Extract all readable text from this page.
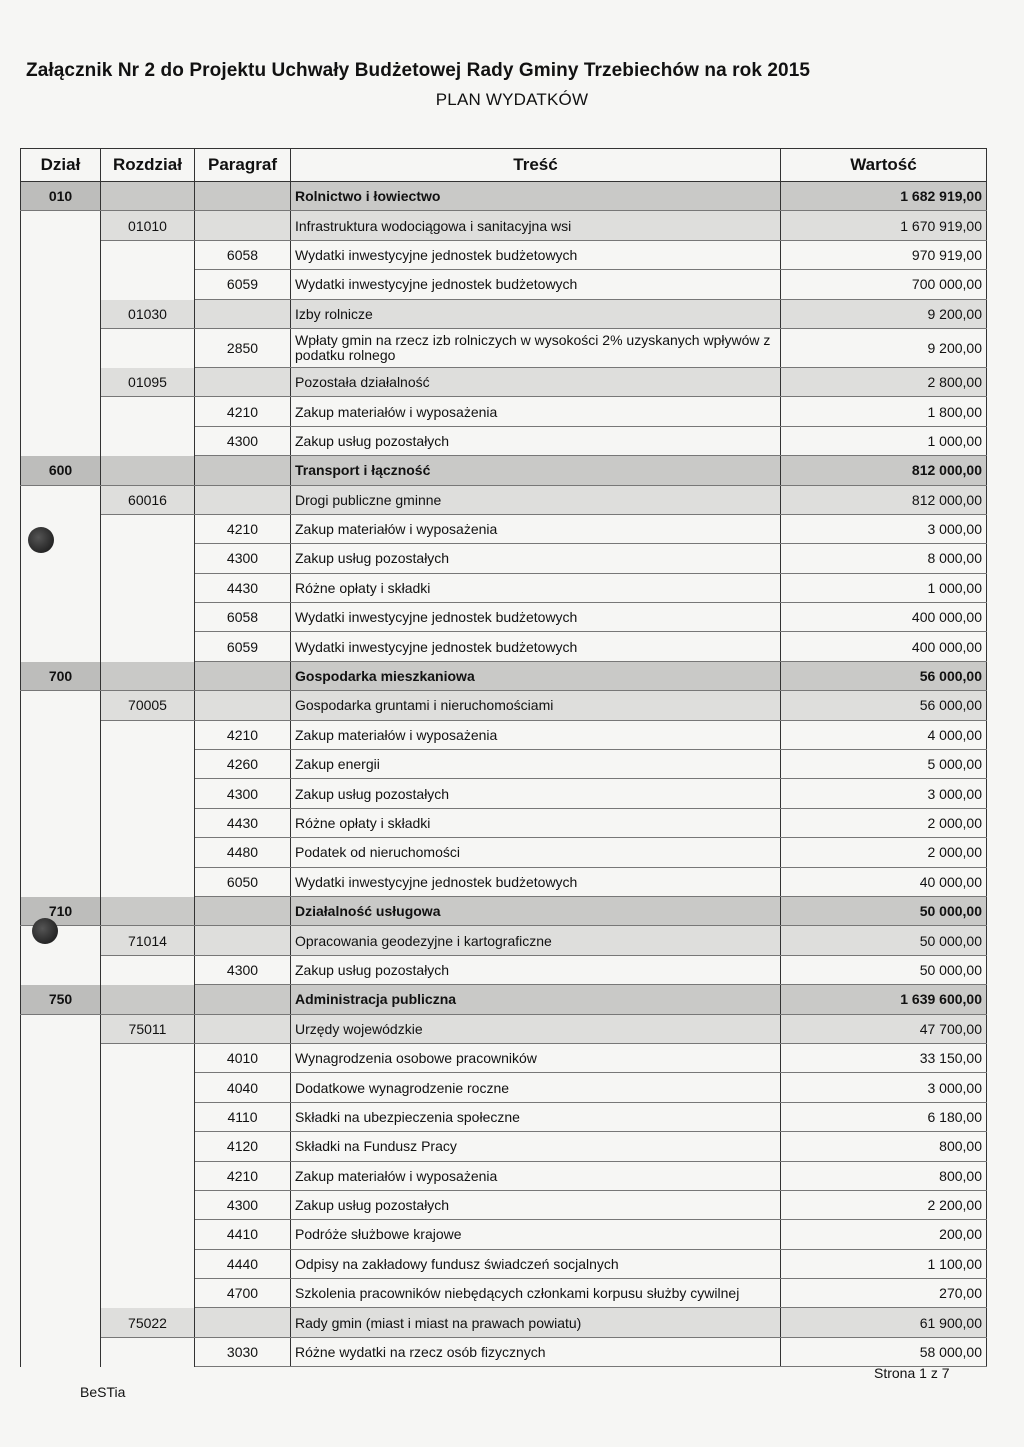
Załącznik Nr 2 do Projektu Uchwały Budżetowej Rady Gminy Trzebiechów na rok 2015
PLAN WYDATKÓW
Dział	Rozdział	Paragraf	Treść	Wartość
010			Rolnictwo i łowiectwo	1 682 919,00
	01010		Infrastruktura wodociągowa i sanitacyjna wsi	1 670 919,00
		6058	Wydatki inwestycyjne jednostek budżetowych	970 919,00
		6059	Wydatki inwestycyjne jednostek budżetowych	700 000,00
	01030		Izby rolnicze	9 200,00
		2850	Wpłaty gmin na rzecz izb rolniczych w wysokości 2% uzyskanych wpływów z podatku rolnego	9 200,00
	01095		Pozostała działalność	2 800,00
		4210	Zakup materiałów i wyposażenia	1 800,00
		4300	Zakup usług pozostałych	1 000,00
600			Transport i łączność	812 000,00
	60016		Drogi publiczne gminne	812 000,00
		4210	Zakup materiałów i wyposażenia	3 000,00
		4300	Zakup usług pozostałych	8 000,00
		4430	Różne opłaty i składki	1 000,00
		6058	Wydatki inwestycyjne jednostek budżetowych	400 000,00
		6059	Wydatki inwestycyjne jednostek budżetowych	400 000,00
700			Gospodarka mieszkaniowa	56 000,00
	70005		Gospodarka gruntami i nieruchomościami	56 000,00
		4210	Zakup materiałów i wyposażenia	4 000,00
		4260	Zakup energii	5 000,00
		4300	Zakup usług pozostałych	3 000,00
		4430	Różne opłaty i składki	2 000,00
		4480	Podatek od nieruchomości	2 000,00
		6050	Wydatki inwestycyjne jednostek budżetowych	40 000,00
710			Działalność usługowa	50 000,00
	71014		Opracowania geodezyjne i kartograficzne	50 000,00
		4300	Zakup usług pozostałych	50 000,00
750			Administracja publiczna	1 639 600,00
	75011		Urzędy wojewódzkie	47 700,00
		4010	Wynagrodzenia osobowe pracowników	33 150,00
		4040	Dodatkowe wynagrodzenie roczne	3 000,00
		4110	Składki na ubezpieczenia społeczne	6 180,00
		4120	Składki na Fundusz Pracy	800,00
		4210	Zakup materiałów i wyposażenia	800,00
		4300	Zakup usług pozostałych	2 200,00
		4410	Podróże służbowe krajowe	200,00
		4440	Odpisy na zakładowy fundusz świadczeń socjalnych	1 100,00
		4700	Szkolenia pracowników niebędących członkami korpusu służby cywilnej	270,00
	75022		Rady gmin (miast i miast na prawach powiatu)	61 900,00
		3030	Różne wydatki na rzecz osób fizycznych	58 000,00
BeSTia
Strona 1 z 7
